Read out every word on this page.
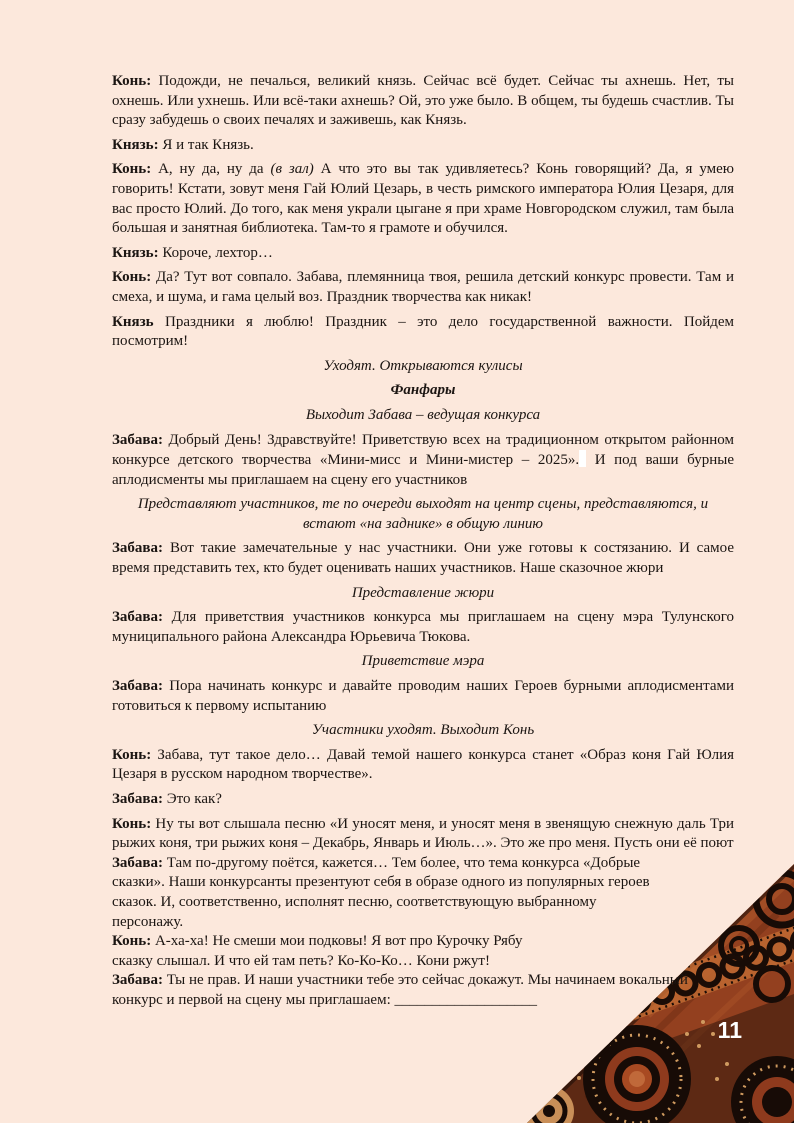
Конь: Подожди, не печалься, великий князь. Сейчас всё будет. Сейчас ты ахнешь. Нет, ты охнешь. Или ухнешь. Или всё-таки ахнешь? Ой, это уже было. В общем, ты будешь счастлив. Ты сразу забудешь о своих печалях и заживешь, как Князь.

Князь: Я и так Князь.

Конь: А, ну да, ну да (в зал) А что это вы так удивляетесь? Конь говорящий? Да, я умею говорить! Кстати, зовут меня Гай Юлий Цезарь, в честь римского императора Юлия Цезаря, для вас просто Юлий. До того, как меня украли цыгане я при храме Новгородском служил, там была большая и занятная библиотека. Там-то я грамоте и обучился.

Князь: Короче, лехтор…

Конь: Да? Тут вот совпало. Забава, племянница твоя, решила детский конкурс провести. Там и смеха, и шума, и гама целый воз. Праздник творчества как никак!

Князь Праздники я люблю! Праздник – это дело государственной важности. Пойдем посмотрим!

Уходят. Открываются кулисы

Фанфары

Выходит Забава – ведущая конкурса

Забава: Добрый День! Здравствуйте! Приветствую всех на традиционном открытом районном конкурсе детского творчества «Мини-мисс и Мини-мистер – 2025». И под ваши бурные аплодисменты мы приглашаем на сцену его участников

Представляют участников, те по очереди выходят на центр сцены, представляются, и встают «на заднике» в общую линию

Забава: Вот такие замечательные у нас участники. Они уже готовы к состязанию. И самое время представить тех, кто будет оценивать наших участников. Наше сказочное жюри

Представление жюри

Забава: Для приветствия участников конкурса мы приглашаем на сцену мэра Тулунского муниципального района Александра Юрьевича Тюкова.

Приветствие мэра

Забава: Пора начинать конкурс и давайте проводим наших Героев бурными аплодисментами готовиться к первому испытанию

Участники уходят. Выходит Конь

Конь: Забава, тут такое дело… Давай темой нашего конкурса станет «Образ коня Гай Юлия Цезаря в русском народном творчестве».

Забава: Это как?

Конь: Ну ты вот слышала песню «И уносят меня, и уносят меня в звенящую снежную даль Три рыжих коня, три рыжих коня – Декабрь, Январь и Июль…». Это же про меня. Пусть они её поют

Забава: Там по-другому поётся, кажется… Тем более, что тема конкурса «Добрые сказки». Наши конкурсанты презентуют себя в образе одного из популярных героев сказок. И, соответственно, исполнят песню, соответствующую выбранному персонажу.

Конь: А-ха-ха! Не смеши мои подковы! Я вот про Курочку Рябу сказку слышал. И что ей там петь? Ко-Ко-Ко… Кони ржут!

Забава: Ты не прав. И наши участники тебе это сейчас докажут. Мы начинаем вокальный конкурс и первой на сцену мы приглашаем: ___________________

11
